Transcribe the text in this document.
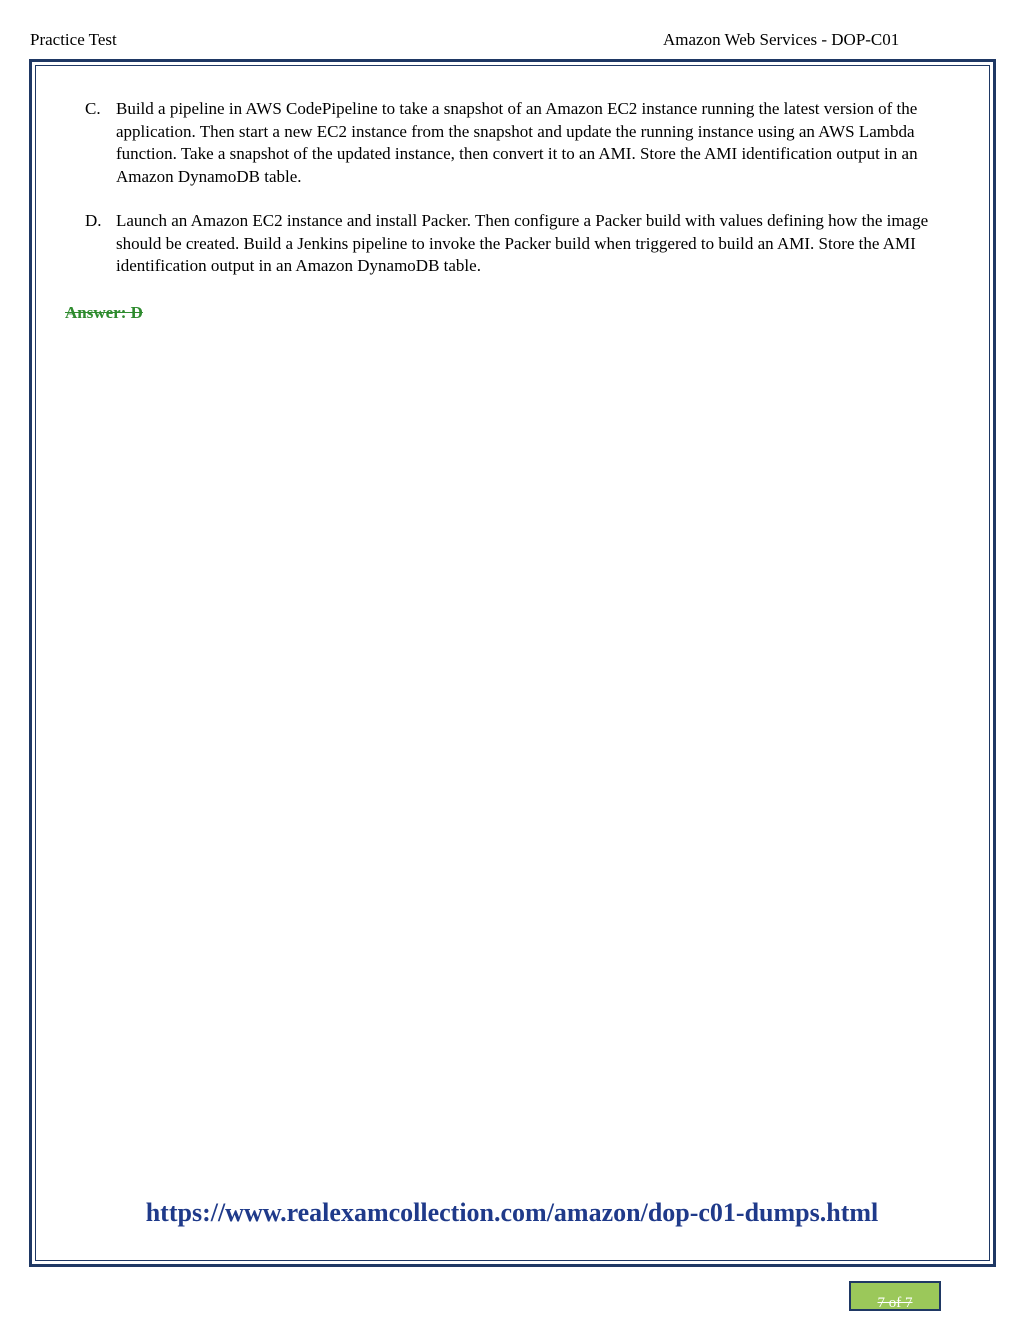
Practice Test	Amazon Web Services - DOP-C01
C. Build a pipeline in AWS CodePipeline to take a snapshot of an Amazon EC2 instance running the latest version of the application. Then start a new EC2 instance from the snapshot and update the running instance using an AWS Lambda function. Take a snapshot of the updated instance, then convert it to an AMI. Store the AMI identification output in an Amazon DynamoDB table.
D. Launch an Amazon EC2 instance and install Packer. Then configure a Packer build with values defining how the image should be created. Build a Jenkins pipeline to invoke the Packer build when triggered to build an AMI. Store the AMI identification output in an Amazon DynamoDB table.
Answer: D
https://www.realexamcollection.com/amazon/dop-c01-dumps.html
7 of 7
